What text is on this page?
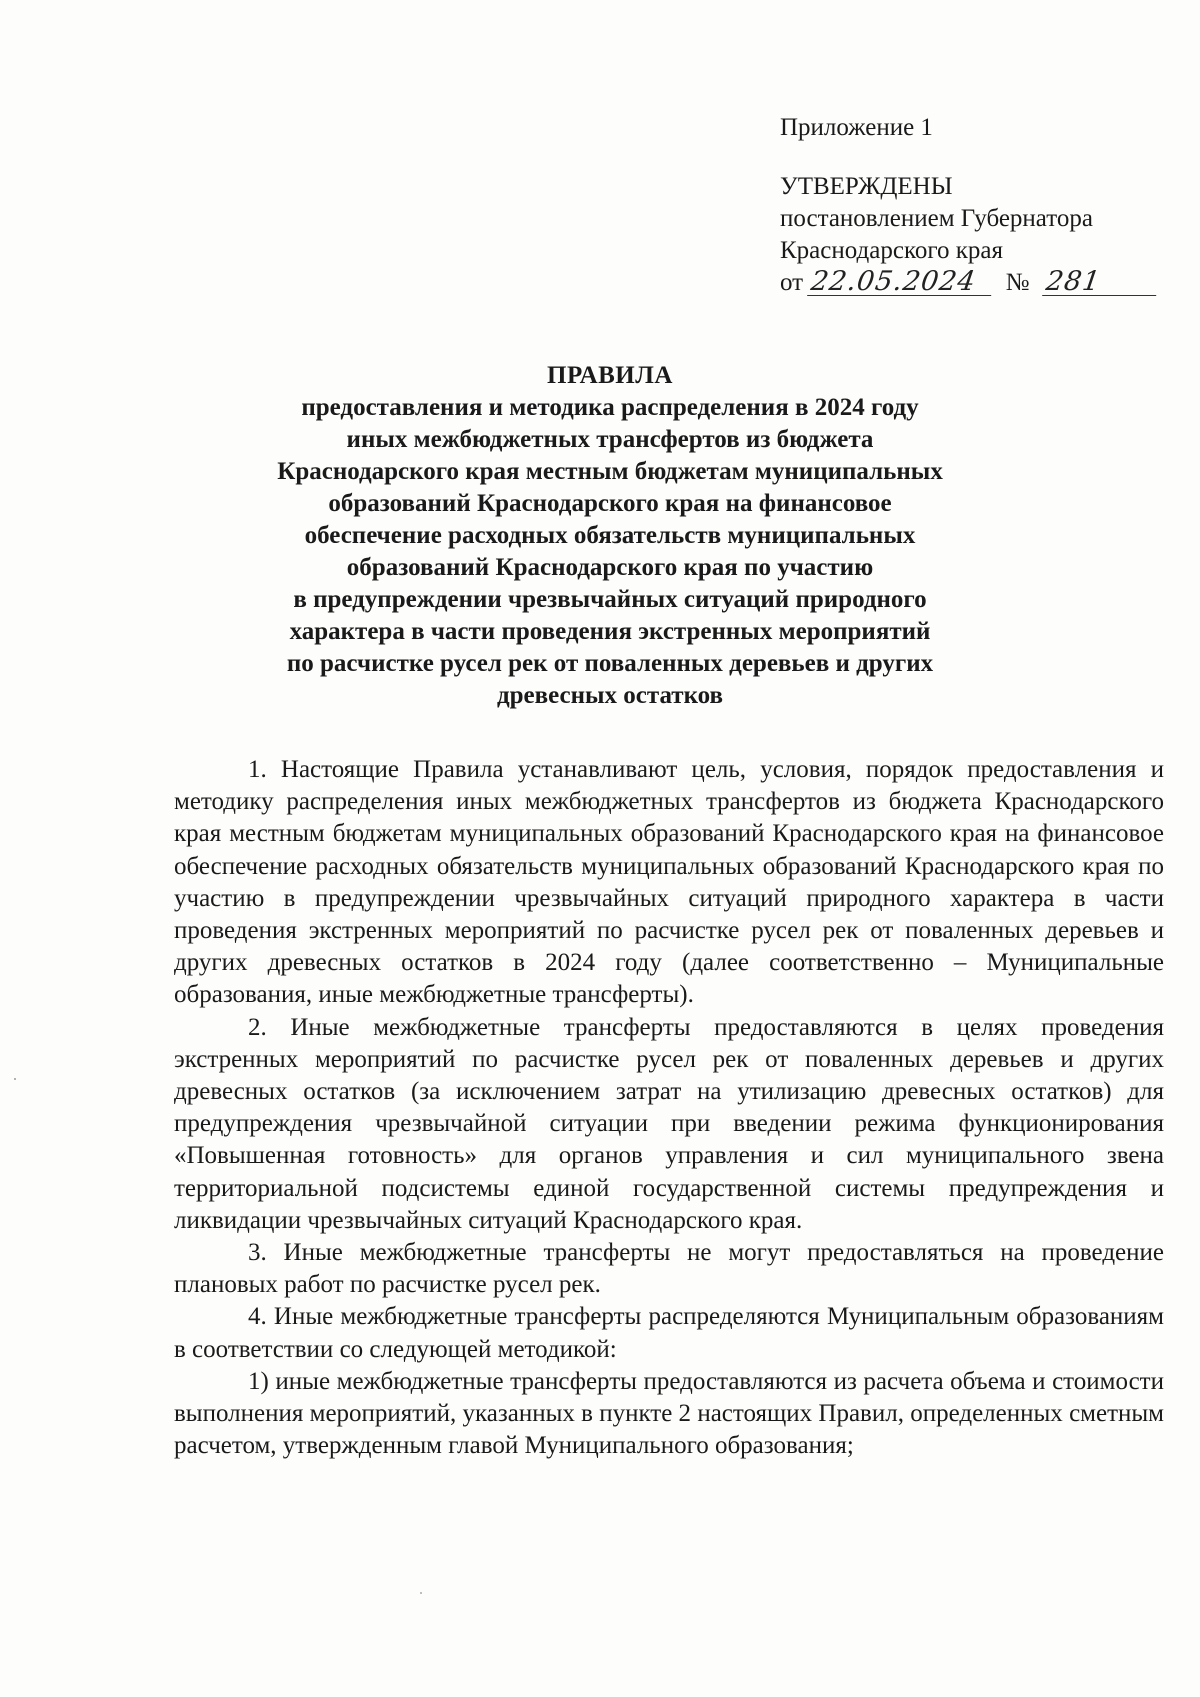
Приложение 1
УТВЕРЖДЕНЫ
постановлением Губернатора
Краснодарского края
от 22.05.2024 № 281
ПРАВИЛА
предоставления и методика распределения в 2024 году
иных межбюджетных трансфертов из бюджета
Краснодарского края местным бюджетам муниципальных
образований Краснодарского края на финансовое
обеспечение расходных обязательств муниципальных
образований Краснодарского края по участию
в предупреждении чрезвычайных ситуаций природного
характера в части проведения экстренных мероприятий
по расчистке русел рек от поваленных деревьев и других
древесных остатков

1. Настоящие Правила устанавливают цель, условия, порядок предоставления и методику распределения иных межбюджетных трансфертов из бюджета Краснодарского края местным бюджетам муниципальных образований Краснодарского края на финансовое обеспечение расходных обязательств муниципальных образований Краснодарского края по участию в предупреждении чрезвычайных ситуаций природного характера в части проведения экстренных мероприятий по расчистке русел рек от поваленных деревьев и других древесных остатков в 2024 году (далее соответственно – Муниципальные образования, иные межбюджетные трансферты).

2. Иные межбюджетные трансферты предоставляются в целях проведения экстренных мероприятий по расчистке русел рек от поваленных деревьев и других древесных остатков (за исключением затрат на утилизацию древесных остатков) для предупреждения чрезвычайной ситуации при введении режима функционирования «Повышенная готовность» для органов управления и сил муниципального звена территориальной подсистемы единой государственной системы предупреждения и ликвидации чрезвычайных ситуаций Краснодарского края.

3. Иные межбюджетные трансферты не могут предоставляться на проведение плановых работ по расчистке русел рек.

4. Иные межбюджетные трансферты распределяются Муниципальным образованиям в соответствии со следующей методикой:

1) иные межбюджетные трансферты предоставляются из расчета объема и стоимости выполнения мероприятий, указанных в пункте 2 настоящих Правил, определенных сметным расчетом, утвержденным главой Муниципального образования;
